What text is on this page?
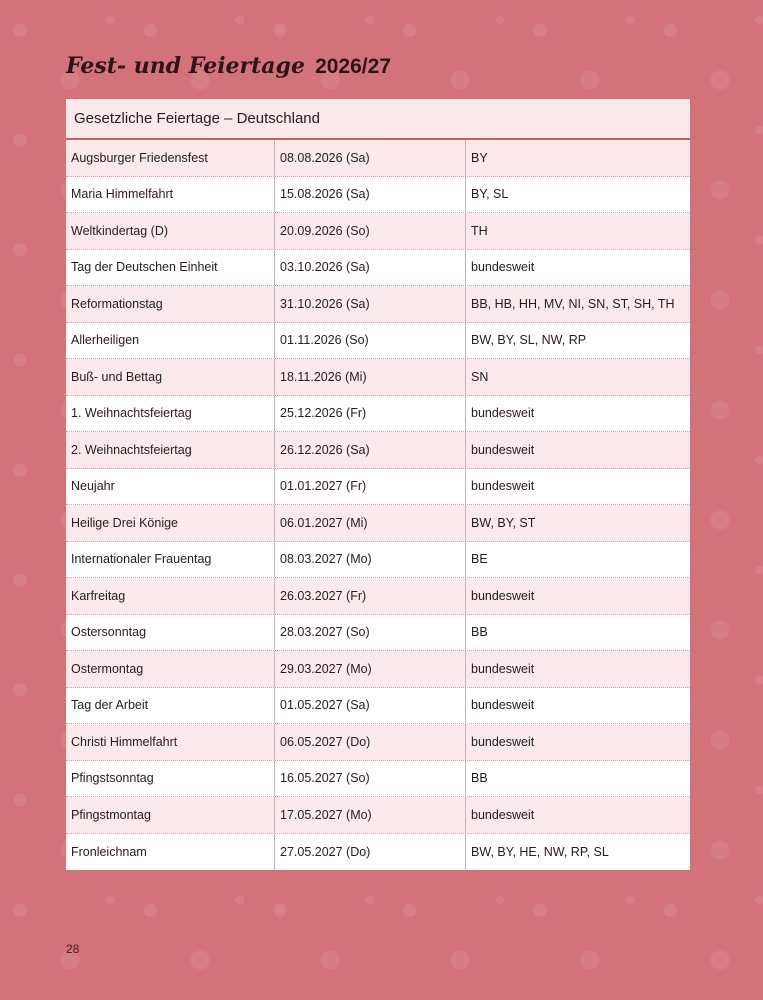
Fest- und Feiertage 2026/27
Gesetzliche Feiertage – Deutschland
Augsburger Friedensfest	08.08.2026 (Sa)	BY
Maria Himmelfahrt	15.08.2026 (Sa)	BY, SL
Weltkindertag (D)	20.09.2026 (So)	TH
Tag der Deutschen Einheit	03.10.2026 (Sa)	bundesweit
Reformationstag	31.10.2026 (Sa)	BB, HB, HH, MV, NI, SN, ST, SH, TH
Allerheiligen	01.11.2026 (So)	BW, BY, SL, NW, RP
Buß- und Bettag	18.11.2026 (Mi)	SN
1. Weihnachtsfeiertag	25.12.2026 (Fr)	bundesweit
2. Weihnachtsfeiertag	26.12.2026 (Sa)	bundesweit
Neujahr	01.01.2027 (Fr)	bundesweit
Heilige Drei Könige	06.01.2027 (Mi)	BW, BY, ST
Internationaler Frauentag	08.03.2027 (Mo)	BE
Karfreitag	26.03.2027 (Fr)	bundesweit
Ostersonntag	28.03.2027 (So)	BB
Ostermontag	29.03.2027 (Mo)	bundesweit
Tag der Arbeit	01.05.2027 (Sa)	bundesweit
Christi Himmelfahrt	06.05.2027 (Do)	bundesweit
Pfingstsonntag	16.05.2027 (So)	BB
Pfingstmontag	17.05.2027 (Mo)	bundesweit
Fronleichnam	27.05.2027 (Do)	BW, BY, HE, NW, RP, SL
28
